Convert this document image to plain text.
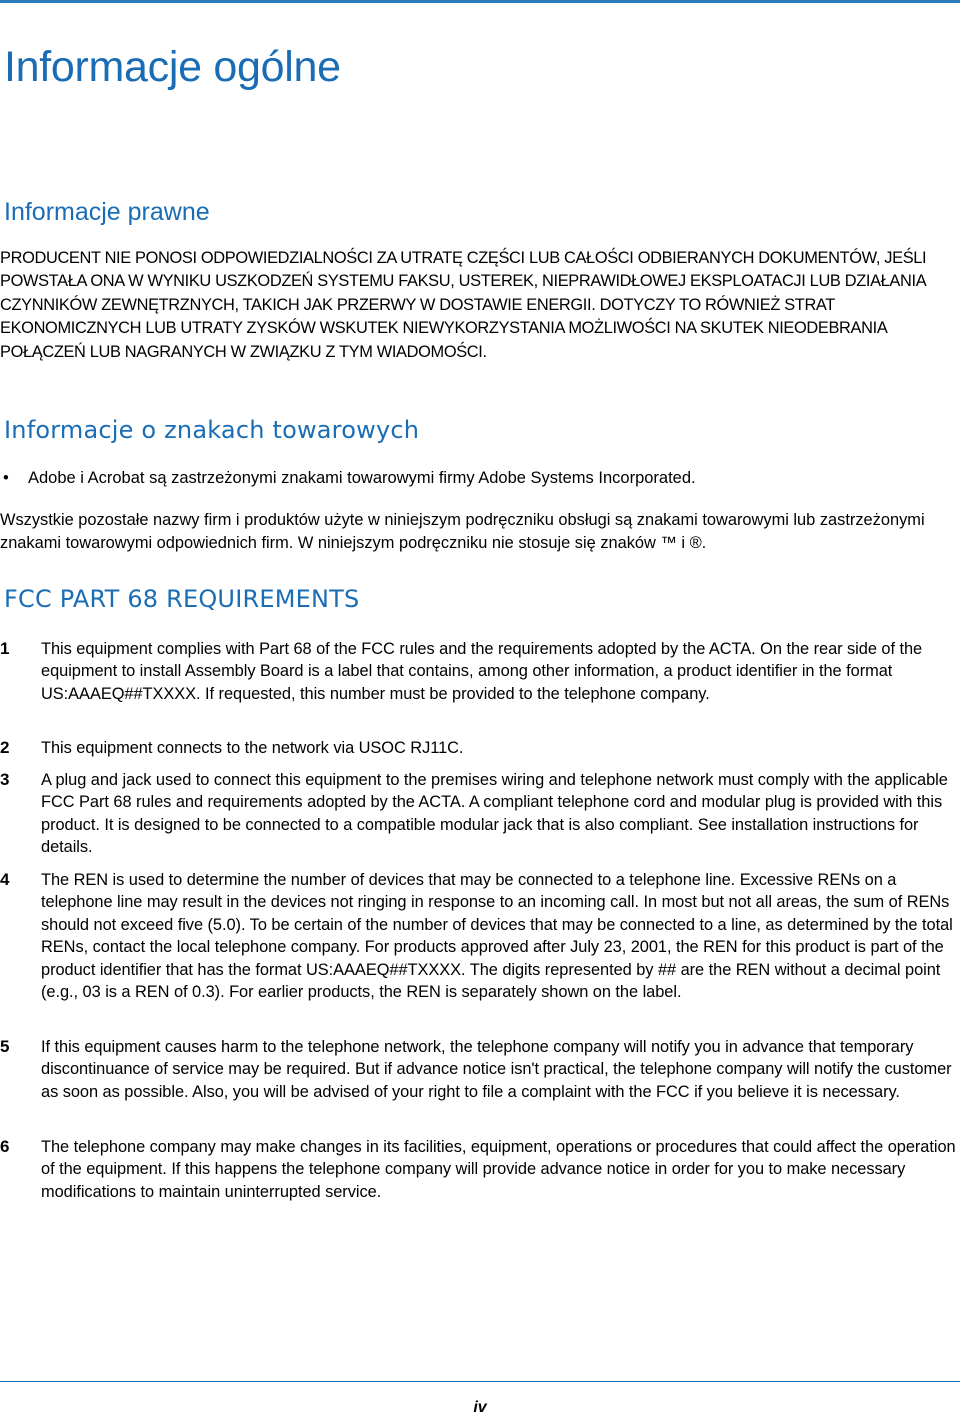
Informacje ogólne
Informacje prawne

PRODUCENT NIE PONOSI ODPOWIEDZIALNOŚCI ZA UTRATĘ CZĘŚCI LUB CAŁOŚCI ODBIERANYCH DOKUMENTÓW, JEŚLI POWSTAŁA ONA W WYNIKU USZKODZEŃ SYSTEMU FAKSU, USTEREK, NIEPRAWIDŁOWEJ EKSPLOATACJI LUB DZIAŁANIA CZYNNIKÓW ZEWNĘTRZNYCH, TAKICH JAK PRZERWY W DOSTAWIE ENERGII. DOTYCZY TO RÓWNIEŻ STRAT EKONOMICZNYCH LUB UTRATY ZYSKÓW WSKUTEK NIEWYKORZYSTANIA MOŻLIWOŚCI NA SKUTEK NIEODEBRANIA POŁĄCZEŃ LUB NAGRANYCH W ZWIĄZKU Z TYM WIADOMOŚCI.

Informacje o znakach towarowych
• Adobe i Acrobat są zastrzeżonymi znakami towarowymi firmy Adobe Systems Incorporated.

Wszystkie pozostałe nazwy firm i produktów użyte w niniejszym podręczniku obsługi są znakami towarowymi lub zastrzeżonymi znakami towarowymi odpowiednich firm. W niniejszym podręczniku nie stosuje się znaków ™ i ®.

FCC PART 68 REQUIREMENTS
1	This equipment complies with Part 68 of the FCC rules and the requirements adopted by the ACTA. On the rear side of the equipment to install Assembly Board is a label that contains, among other information, a product identifier in the format US:AAAEQ##TXXXX. If requested, this number must be provided to the telephone company.

2	This equipment connects to the network via USOC RJ11C.

3	A plug and jack used to connect this equipment to the premises wiring and telephone network must comply with the applicable FCC Part 68 rules and requirements adopted by the ACTA. A compliant telephone cord and modular plug is provided with this product. It is designed to be connected to a compatible modular jack that is also compliant. See installation instructions for details.

4	The REN is used to determine the number of devices that may be connected to a telephone line. Excessive RENs on a telephone line may result in the devices not ringing in response to an incoming call. In most but not all areas, the sum of RENs should not exceed five (5.0). To be certain of the number of devices that may be connected to a line, as determined by the total RENs, contact the local telephone company. For products approved after July 23, 2001, the REN for this product is part of the product identifier that has the format US:AAAEQ##TXXXX. The digits represented by ## are the REN without a decimal point (e.g., 03 is a REN of 0.3). For earlier products, the REN is separately shown on the label.

5	If this equipment causes harm to the telephone network, the telephone company will notify you in advance that temporary discontinuance of service may be required. But if advance notice isn't practical, the telephone company will notify the customer as soon as possible. Also, you will be advised of your right to file a complaint with the FCC if you believe it is necessary.

6	The telephone company may make changes in its facilities, equipment, operations or procedures that could affect the operation of the equipment. If this happens the telephone company will provide advance notice in order for you to make necessary modifications to maintain uninterrupted service.

iv
